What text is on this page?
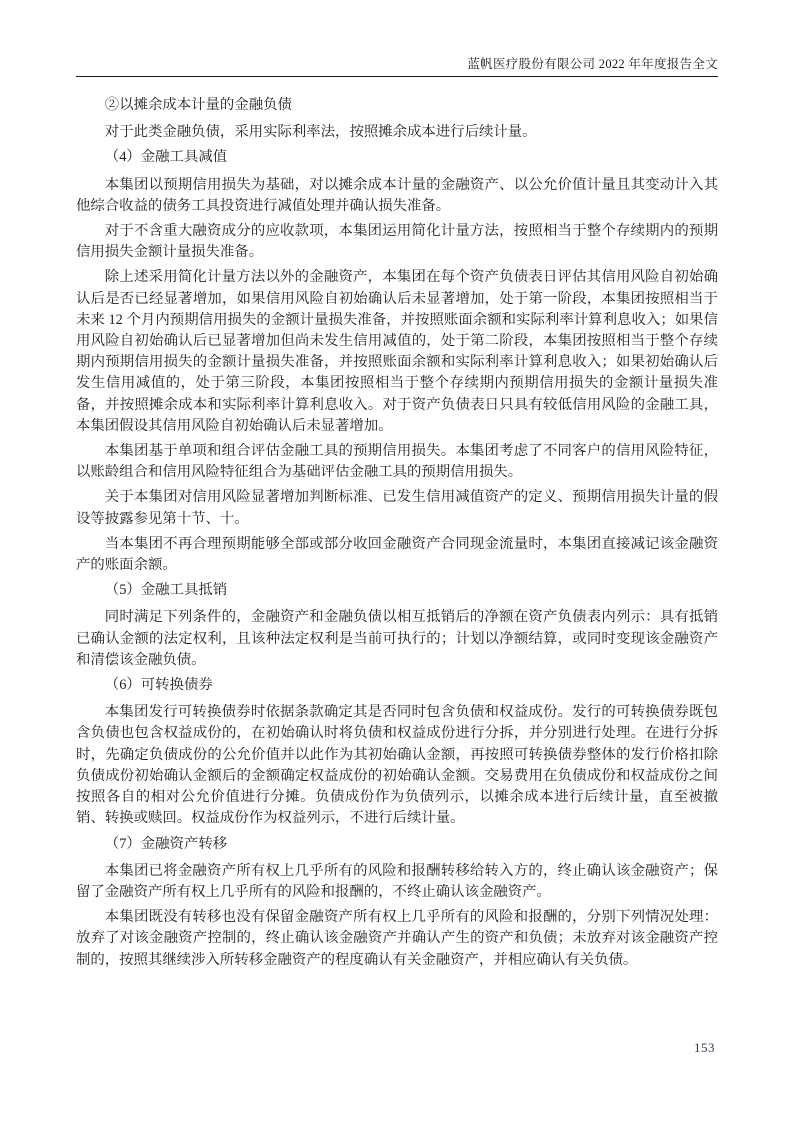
蓝帆医疗股份有限公司 2022 年年度报告全文

②以摊余成本计量的金融负债

对于此类金融负债，采用实际利率法，按照摊余成本进行后续计量。

（4）金融工具减值

本集团以预期信用损失为基础，对以摊余成本计量的金融资产、以公允价值计量且其变动计入其他综合收益的债务工具投资进行减值处理并确认损失准备。

对于不含重大融资成分的应收款项，本集团运用简化计量方法，按照相当于整个存续期内的预期信用损失金额计量损失准备。

除上述采用简化计量方法以外的金融资产，本集团在每个资产负债表日评估其信用风险自初始确认后是否已经显著增加，如果信用风险自初始确认后未显著增加，处于第一阶段，本集团按照相当于未来 12 个月内预期信用损失的金额计量损失准备，并按照账面余额和实际利率计算利息收入；如果信用风险自初始确认后已显著增加但尚未发生信用减值的，处于第二阶段，本集团按照相当于整个存续期内预期信用损失的金额计量损失准备，并按照账面余额和实际利率计算利息收入；如果初始确认后发生信用减值的，处于第三阶段，本集团按照相当于整个存续期内预期信用损失的金额计量损失准备，并按照摊余成本和实际利率计算利息收入。对于资产负债表日只具有较低信用风险的金融工具，本集团假设其信用风险自初始确认后未显著增加。

本集团基于单项和组合评估金融工具的预期信用损失。本集团考虑了不同客户的信用风险特征，以账龄组合和信用风险特征组合为基础评估金融工具的预期信用损失。

关于本集团对信用风险显著增加判断标准、已发生信用减值资产的定义、预期信用损失计量的假设等披露参见第十节、十。

当本集团不再合理预期能够全部或部分收回金融资产合同现金流量时，本集团直接减记该金融资产的账面余额。

（5）金融工具抵销

同时满足下列条件的，金融资产和金融负债以相互抵销后的净额在资产负债表内列示：具有抵销已确认金额的法定权利，且该种法定权利是当前可执行的；计划以净额结算，或同时变现该金融资产和清偿该金融负债。

（6）可转换债券

本集团发行可转换债券时依据条款确定其是否同时包含负债和权益成份。发行的可转换债券既包含负债也包含权益成份的，在初始确认时将负债和权益成份进行分拆，并分别进行处理。在进行分拆时，先确定负债成份的公允价值并以此作为其初始确认金额，再按照可转换债券整体的发行价格扣除负债成份初始确认金额后的金额确定权益成份的初始确认金额。交易费用在负债成份和权益成份之间按照各自的相对公允价值进行分摊。负债成份作为负债列示，以摊余成本进行后续计量，直至被撤销、转换或赎回。权益成份作为权益列示，不进行后续计量。

（7）金融资产转移

本集团已将金融资产所有权上几乎所有的风险和报酬转移给转入方的，终止确认该金融资产；保留了金融资产所有权上几乎所有的风险和报酬的，不终止确认该金融资产。

本集团既没有转移也没有保留金融资产所有权上几乎所有的风险和报酬的，分别下列情况处理：放弃了对该金融资产控制的，终止确认该金融资产并确认产生的资产和负债；未放弃对该金融资产控制的，按照其继续涉入所转移金融资产的程度确认有关金融资产，并相应确认有关负债。

153
